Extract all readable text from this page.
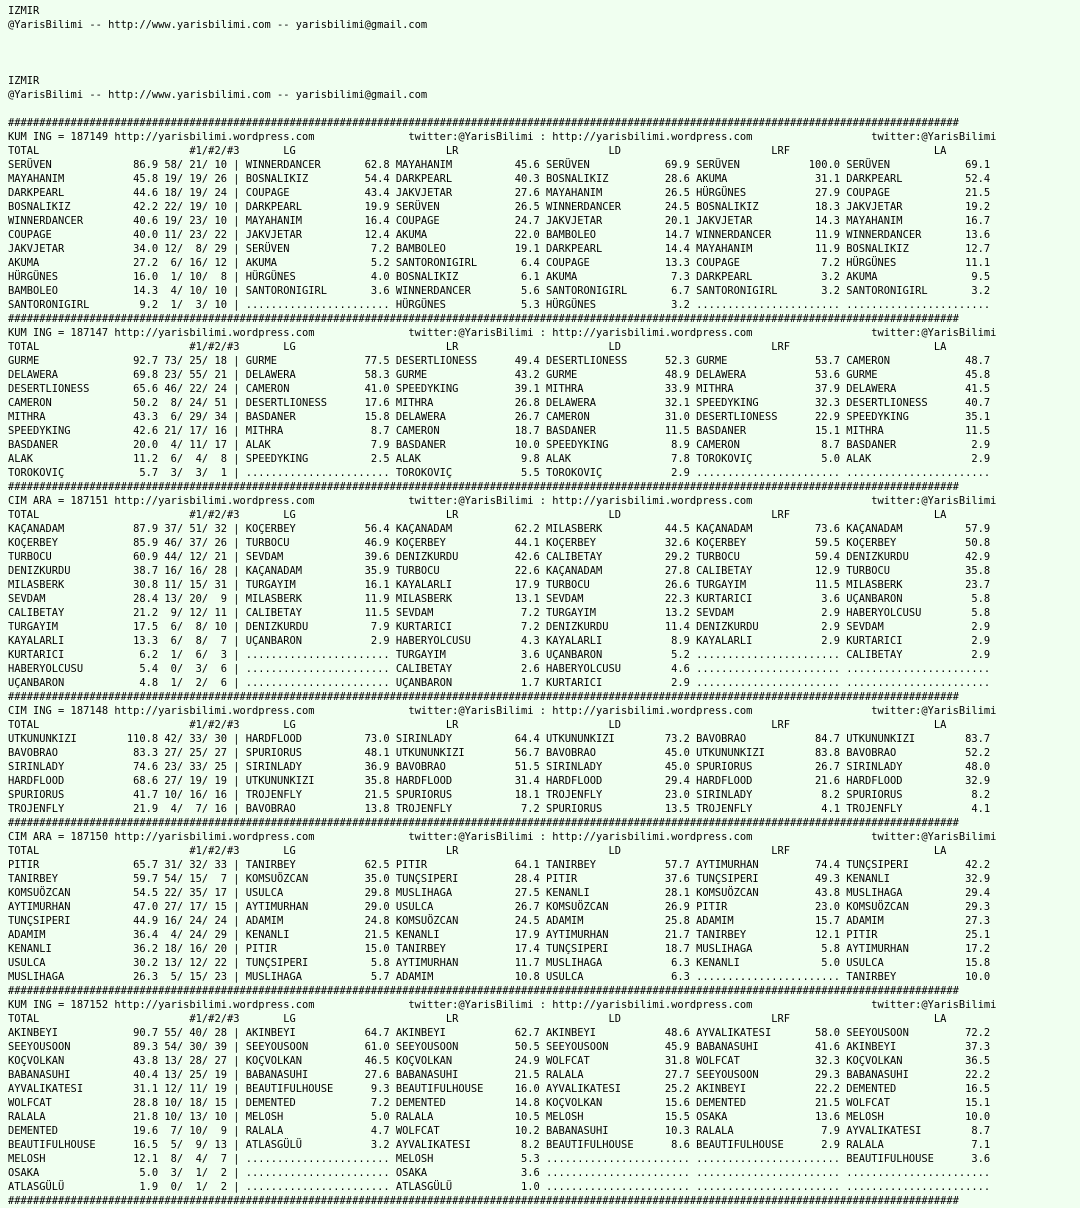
IZMIR
@YarisBilimi -- http://www.yarisbilimi.com -- yarisbilimi@gmail.com

IZMIR
@YarisBilimi -- http://www.yarisbilimi.com -- yarisbilimi@gmail.com

########################################################################################################################################################
KUM ING = 187149 http://yarisbilimi.wordpress.com               twitter:@YarisBilimi : http://yarisbilimi.wordpress.com                   twitter:@YarisBilimi
TOTAL                        #1/#2/#3       LG                        LR                        LD                        LRF                       LA
SERÜVEN             86.9 58/ 21/ 10 | WINNERDANCER       62.8 MAYAHANIM          45.6 SERÜVEN            69.9 SERÜVEN           100.0 SERÜVEN            69.1
MAYAHANIM           45.8 19/ 19/ 26 | BOSNALIKIZ         54.4 DARKPEARL          40.3 BOSNALIKIZ         28.6 AKUMA              31.1 DARKPEARL          52.4
DARKPEARL           44.6 18/ 19/ 24 | COUPAGE            43.4 JAKVJETAR          27.6 MAYAHANIM          26.5 HÜRGÜNES           27.9 COUPAGE            21.5
BOSNALIKIZ          42.2 22/ 19/ 10 | DARKPEARL          19.9 SERÜVEN            26.5 WINNERDANCER       24.5 BOSNALIKIZ         18.3 JAKVJETAR          19.2
WINNERDANCER        40.6 19/ 23/ 10 | MAYAHANIM          16.4 COUPAGE            24.7 JAKVJETAR          20.1 JAKVJETAR          14.3 MAYAHANIM          16.7
COUPAGE             40.0 11/ 23/ 22 | JAKVJETAR          12.4 AKUMA              22.0 BAMBOLEO           14.7 WINNERDANCER       11.9 WINNERDANCER       13.6
JAKVJETAR           34.0 12/  8/ 29 | SERÜVEN             7.2 BAMBOLEO           19.1 DARKPEARL          14.4 MAYAHANIM          11.9 BOSNALIKIZ         12.7
AKUMA               27.2  6/ 16/ 12 | AKUMA               5.2 SANTORONIGIRL       6.4 COUPAGE            13.3 COUPAGE             7.2 HÜRGÜNES           11.1
HÜRGÜNES            16.0  1/ 10/  8 | HÜRGÜNES            4.0 BOSNALIKIZ          6.1 AKUMA               7.3 DARKPEARL           3.2 AKUMA               9.5
BAMBOLEO            14.3  4/ 10/ 10 | SANTORONIGIRL       3.6 WINNERDANCER        5.6 SANTORONIGIRL       6.7 SANTORONIGIRL       3.2 SANTORONIGIRL       3.2
SANTORONIGIRL        9.2  1/  3/ 10 | ....................... HÜRGÜNES            5.3 HÜRGÜNES            3.2 ....................... .......................
########################################################################################################################################################
KUM ING = 187147 http://yarisbilimi.wordpress.com               twitter:@YarisBilimi : http://yarisbilimi.wordpress.com                   twitter:@YarisBilimi
TOTAL                        #1/#2/#3       LG                        LR                        LD                        LRF                       LA
GURME               92.7 73/ 25/ 18 | GURME              77.5 DESERTLIONESS      49.4 DESERTLIONESS      52.3 GURME              53.7 CAMERON            48.7
DELAWERA            69.8 23/ 55/ 21 | DELAWERA           58.3 GURME              43.2 GURME              48.9 DELAWERA           53.6 GURME              45.8
DESERTLIONESS       65.6 46/ 22/ 24 | CAMERON            41.0 SPEEDYKING         39.1 MITHRA             33.9 MITHRA             37.9 DELAWERA           41.5
CAMERON             50.2  8/ 24/ 51 | DESERTLIONESS      17.6 MITHRA             26.8 DELAWERA           32.1 SPEEDYKING         32.3 DESERTLIONESS      40.7
MITHRA              43.3  6/ 29/ 34 | BASDANER           15.8 DELAWERA           26.7 CAMERON            31.0 DESERTLIONESS      22.9 SPEEDYKING         35.1
SPEEDYKING          42.6 21/ 17/ 16 | MITHRA              8.7 CAMERON            18.7 BASDANER           11.5 BASDANER           15.1 MITHRA             11.5
BASDANER            20.0  4/ 11/ 17 | ALAK                7.9 BASDANER           10.0 SPEEDYKING          8.9 CAMERON             8.7 BASDANER            2.9
ALAK                11.2  6/  4/  8 | SPEEDYKING          2.5 ALAK                9.8 ALAK                7.8 TOROKOVIÇ           5.0 ALAK                2.9
TOROKOVIÇ            5.7  3/  3/  1 | ....................... TOROKOVIÇ           5.5 TOROKOVIÇ           2.9 ....................... .......................
########################################################################################################################################################
CIM ARA = 187151 http://yarisbilimi.wordpress.com               twitter:@YarisBilimi : http://yarisbilimi.wordpress.com                   twitter:@YarisBilimi
TOTAL                        #1/#2/#3       LG                        LR                        LD                        LRF                       LA
KAÇANADAM           87.9 37/ 51/ 32 | KOÇERBEY           56.4 KAÇANADAM          62.2 MILASBERK          44.5 KAÇANADAM          73.6 KAÇANADAM          57.9
KOÇERBEY            85.9 46/ 37/ 26 | TURBOCU            46.9 KOÇERBEY           44.1 KOÇERBEY           32.6 KOÇERBEY           59.5 KOÇERBEY           50.8
TURBOCU             60.9 44/ 12/ 21 | SEVDAM             39.6 DENIZKURDU         42.6 CALIBETAY          29.2 TURBOCU            59.4 DENIZKURDU         42.9
DENIZKURDU          38.7 16/ 16/ 28 | KAÇANADAM          35.9 TURBOCU            22.6 KAÇANADAM          27.8 CALIBETAY          12.9 TURBOCU            35.8
MILASBERK           30.8 11/ 15/ 31 | TURGAYIM           16.1 KAYALARLI          17.9 TURBOCU            26.6 TURGAYIM           11.5 MILASBERK          23.7
SEVDAM              28.4 13/ 20/  9 | MILASBERK          11.9 MILASBERK          13.1 SEVDAM             22.3 KURTARICI           3.6 UÇANBARON           5.8
CALIBETAY           21.2  9/ 12/ 11 | CALIBETAY          11.5 SEVDAM              7.2 TURGAYIM           13.2 SEVDAM              2.9 HABERYOLCUSU        5.8
TURGAYIM            17.5  6/  8/ 10 | DENIZKURDU          7.9 KURTARICI           7.2 DENIZKURDU         11.4 DENIZKURDU          2.9 SEVDAM              2.9
KAYALARLI           13.3  6/  8/  7 | UÇANBARON           2.9 HABERYOLCUSU        4.3 KAYALARLI           8.9 KAYALARLI           2.9 KURTARICI           2.9
KURTARICI            6.2  1/  6/  3 | ....................... TURGAYIM            3.6 UÇANBARON           5.2 ....................... CALIBETAY           2.9
HABERYOLCUSU         5.4  0/  3/  6 | ....................... CALIBETAY           2.6 HABERYOLCUSU        4.6 ....................... .......................
UÇANBARON            4.8  1/  2/  6 | ....................... UÇANBARON           1.7 KURTARICI           2.9 ....................... .......................
########################################################################################################################################################
CIM ING = 187148 http://yarisbilimi.wordpress.com               twitter:@YarisBilimi : http://yarisbilimi.wordpress.com                   twitter:@YarisBilimi
TOTAL                        #1/#2/#3       LG                        LR                        LD                        LRF                       LA
UTKUNUNKIZI        110.8 42/ 33/ 30 | HARDFLOOD          73.0 SIRINLADY          64.4 UTKUNUNKIZI        73.2 BAVOBRAO           84.7 UTKUNUNKIZI        83.7
BAVOBRAO            83.3 27/ 25/ 27 | SPURIORUS          48.1 UTKUNUNKIZI        56.7 BAVOBRAO           45.0 UTKUNUNKIZI        83.8 BAVOBRAO           52.2
SIRINLADY           74.6 23/ 33/ 25 | SIRINLADY          36.9 BAVOBRAO           51.5 SIRINLADY          45.0 SPURIORUS          26.7 SIRINLADY          48.0
HARDFLOOD           68.6 27/ 19/ 19 | UTKUNUNKIZI        35.8 HARDFLOOD          31.4 HARDFLOOD          29.4 HARDFLOOD          21.6 HARDFLOOD          32.9
SPURIORUS           41.7 10/ 16/ 16 | TROJENFLY          21.5 SPURIORUS          18.1 TROJENFLY          23.0 SIRINLADY           8.2 SPURIORUS           8.2
TROJENFLY           21.9  4/  7/ 16 | BAVOBRAO           13.8 TROJENFLY           7.2 SPURIORUS          13.5 TROJENFLY           4.1 TROJENFLY           4.1
########################################################################################################################################################
CIM ARA = 187150 http://yarisbilimi.wordpress.com               twitter:@YarisBilimi : http://yarisbilimi.wordpress.com                   twitter:@YarisBilimi
TOTAL                        #1/#2/#3       LG                        LR                        LD                        LRF                       LA
PITIR               65.7 31/ 32/ 33 | TANIRBEY           62.5 PITIR              64.1 TANIRBEY           57.7 AYTIMURHAN         74.4 TUNÇSIPERI         42.2
TANIRBEY            59.7 54/ 15/  7 | KOMSUÖZCAN         35.0 TUNÇSIPERI         28.4 PITIR              37.6 TUNÇSIPERI         49.3 KENANLI            32.9
KOMSUÖZCAN          54.5 22/ 35/ 17 | USULCA             29.8 MUSLIHAGA          27.5 KENANLI            28.1 KOMSUÖZCAN         43.8 MUSLIHAGA          29.4
AYTIMURHAN          47.0 27/ 17/ 15 | AYTIMURHAN         29.0 USULCA             26.7 KOMSUÖZCAN         26.9 PITIR              23.0 KOMSUÖZCAN         29.3
TUNÇSIPERI          44.9 16/ 24/ 24 | ADAMIM             24.8 KOMSUÖZCAN         24.5 ADAMIM             25.8 ADAMIM             15.7 ADAMIM             27.3
ADAMIM              36.4  4/ 24/ 29 | KENANLI            21.5 KENANLI            17.9 AYTIMURHAN         21.7 TANIRBEY           12.1 PITIR              25.1
KENANLI             36.2 18/ 16/ 20 | PITIR              15.0 TANIRBEY           17.4 TUNÇSIPERI         18.7 MUSLIHAGA           5.8 AYTIMURHAN         17.2
USULCA              30.2 13/ 12/ 22 | TUNÇSIPERI          5.8 AYTIMURHAN         11.7 MUSLIHAGA           6.3 KENANLI             5.0 USULCA             15.8
MUSLIHAGA           26.3  5/ 15/ 23 | MUSLIHAGA           5.7 ADAMIM             10.8 USULCA              6.3 ....................... TANIRBEY           10.0
########################################################################################################################################################
KUM ING = 187152 http://yarisbilimi.wordpress.com               twitter:@YarisBilimi : http://yarisbilimi.wordpress.com                   twitter:@YarisBilimi
TOTAL                        #1/#2/#3       LG                        LR                        LD                        LRF                       LA
AKINBEYI            90.7 55/ 40/ 28 | AKINBEYI           64.7 AKINBEYI           62.7 AKINBEYI           48.6 AYVALIKATESI       58.0 SEEYOUSOON         72.2
SEEYOUSOON          89.3 54/ 30/ 39 | SEEYOUSOON         61.0 SEEYOUSOON         50.5 SEEYOUSOON         45.9 BABANASUHI         41.6 AKINBEYI           37.3
KOÇVOLKAN           43.8 13/ 28/ 27 | KOÇVOLKAN          46.5 KOÇVOLKAN          24.9 WOLFCAT            31.8 WOLFCAT            32.3 KOÇVOLKAN          36.5
BABANASUHI          40.4 13/ 25/ 19 | BABANASUHI         27.6 BABANASUHI         21.5 RALALA             27.7 SEEYOUSOON         29.3 BABANASUHI         22.2
AYVALIKATESI        31.1 12/ 11/ 19 | BEAUTIFULHOUSE      9.3 BEAUTIFULHOUSE     16.0 AYVALIKATESI       25.2 AKINBEYI           22.2 DEMENTED           16.5
WOLFCAT             28.8 10/ 18/ 15 | DEMENTED            7.2 DEMENTED           14.8 KOÇVOLKAN          15.6 DEMENTED           21.5 WOLFCAT            15.1
RALALA              21.8 10/ 13/ 10 | MELOSH              5.0 RALALA             10.5 MELOSH             15.5 OSAKA              13.6 MELOSH             10.0
DEMENTED            19.6  7/ 10/  9 | RALALA              4.7 WOLFCAT            10.2 BABANASUHI         10.3 RALALA              7.9 AYVALIKATESI        8.7
BEAUTIFULHOUSE      16.5  5/  9/ 13 | ATLASGÜLÜ           3.2 AYVALIKATESI        8.2 BEAUTIFULHOUSE      8.6 BEAUTIFULHOUSE      2.9 RALALA              7.1
MELOSH              12.1  8/  4/  7 | ....................... MELOSH              5.3 ....................... ....................... BEAUTIFULHOUSE      3.6
OSAKA                5.0  3/  1/  2 | ....................... OSAKA               3.6 ....................... ....................... .......................
ATLASGÜLÜ            1.9  0/  1/  2 | ....................... ATLASGÜLÜ           1.0 ....................... ....................... .......................
########################################################################################################################################################
